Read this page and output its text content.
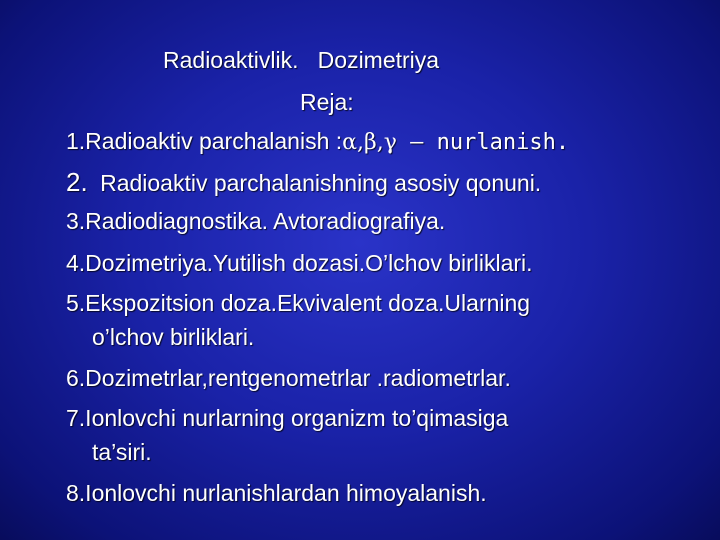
Radioaktivlik.   Dozimetriya
Reja:
1.Radioaktiv parchalanish :α,β,γ – nurlanish.
2. Radioaktiv parchalanishning asosiy qonuni.
3.Radiodiagnostika. Avtoradiografiya.
4.Dozimetriya.Yutilish dozasi.O’lchov birliklari.
5.Ekspozitsion doza.Ekvivalent doza.Ularning
o’lchov birliklari.
6.Dozimetrlar,rentgenometrlar .radiometrlar.
7.Ionlovchi nurlarning organizm to’qimasiga
ta’siri.
8.Ionlovchi nurlanishlardan himoyalanish.
